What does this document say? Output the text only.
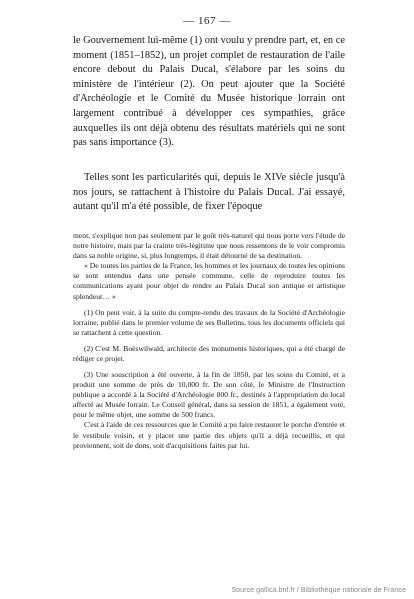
— 167 —

le Gouvernement lui-même (1) ont voulu y prendre part, et, en ce moment (1851–1852), un projet complet de restauration de l'aile encore debout du Palais Ducal, s'élabore par les soins du ministère de l'intérieur (2). On peut ajouter que la Société d'Archéologie et le Comité du Musée historique lorrain ont largement contribué à développer ces sympathies, grâce auxquelles ils ont déjà obtenu des résultats matériels qui ne sont pas sans importance (3).

Telles sont les particularités qui, depuis le XIVe siècle jusqu'à nos jours, se rattachent à l'histoire du Palais Ducal. J'ai essayé, autant qu'il m'a été possible, de fixer l'époque

ment, s'explique non pas seulement par le goût très-naturel qui nous porte vers l'étude de notre histoire, mais par la crainte très-légitime que nous ressentons de le voir compromis dans sa noble origine, si, plus longtemps, il était détourné de sa destination.

« De toutes les parties de la France, les hommes et les journaux de toutes les opinions se sont entendus dans une pensée commune, celle de reproduire toutes les communications ayant pour objet de rendre au Palais Ducal son antique et artistique splendeur… »

(1) On peut voir, à la suite du compte-rendu des travaux de la Société d'Archéologie lorraine, publié dans le premier volume de ses Bulletins, tous les documents officiels qui se rattachent à cette question.

(2) C'est M. Boëswilwald, architecte des monuments historiques, qui a été chargé de rédiger ce projet.

(3) Une souscription a été ouverte, à la fin de 1850, par les soins du Comité, et a produit une somme de près de 10,000 fr. De son côté, le Ministre de l'Instruction publique a accordé à la Société d'Archéologie 800 fr., destinés à l'appropriation du local affecté au Musée lorrain. Le Conseil général, dans sa session de 1851, a également voté, pour le même objet, une somme de 500 francs.

C'est à l'aide de ces ressources que le Comité a pu faire restaurer le porche d'entrée et le vestibule voisin, et y placer une partie des objets qu'il a déjà recueillis, et qui proviennent, soit de dons, soit d'acquisitions faites par lui.

Source gallica.bnf.fr / Bibliothèque nationale de France
